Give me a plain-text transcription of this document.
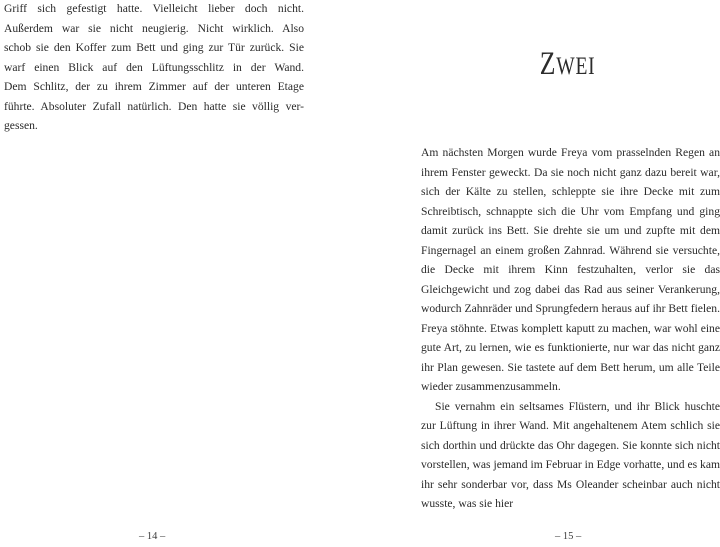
Griff sich gefestigt hatte. Vielleicht lieber doch nicht.
Außerdem war sie nicht neugierig. Nicht wirklich. Also
schob sie den Koffer zum Bett und ging zur Tür zurück. Sie
warf einen Blick auf den Lüftungsschlitz in der Wand.
Dem Schlitz, der zu ihrem Zimmer auf der unteren Etage
führte. Absoluter Zufall natürlich. Den hatte sie völlig ver-
gessen.
– 14 –
ZWEI

Am nächsten Morgen wurde Freya vom prasselnden Regen an ihrem Fenster geweckt. Da sie noch nicht ganz dazu bereit war, sich der Kälte zu stellen, schleppte sie ihre Decke mit zum Schreibtisch, schnappte sich die Uhr vom Empfang und ging damit zurück ins Bett. Sie drehte sie um und zupfte mit dem Fingernagel an einem großen Zahnrad. Während sie versuchte, die Decke mit ihrem Kinn festzuhalten, verlor sie das Gleichgewicht und zog dabei das Rad aus seiner Verankerung, wodurch Zahnräder und Sprungfedern heraus auf ihr Bett fielen. Freya stöhnte. Etwas komplett kaputt zu machen, war wohl eine gute Art, zu lernen, wie es funktionierte, nur war das nicht ganz ihr Plan gewesen. Sie tastete auf dem Bett herum, um alle Teile wieder zusammenzusammeln.

Sie vernahm ein seltsames Flüstern, und ihr Blick huschte zur Lüftung in ihrer Wand. Mit angehaltenem Atem schlich sie sich dorthin und drückte das Ohr dagegen. Sie konnte sich nicht vorstellen, was jemand im Februar in Edge vorhatte, und es kam ihr sehr sonderbar vor, dass Ms Oleander scheinbar auch nicht wusste, was sie hier

– 15 –
